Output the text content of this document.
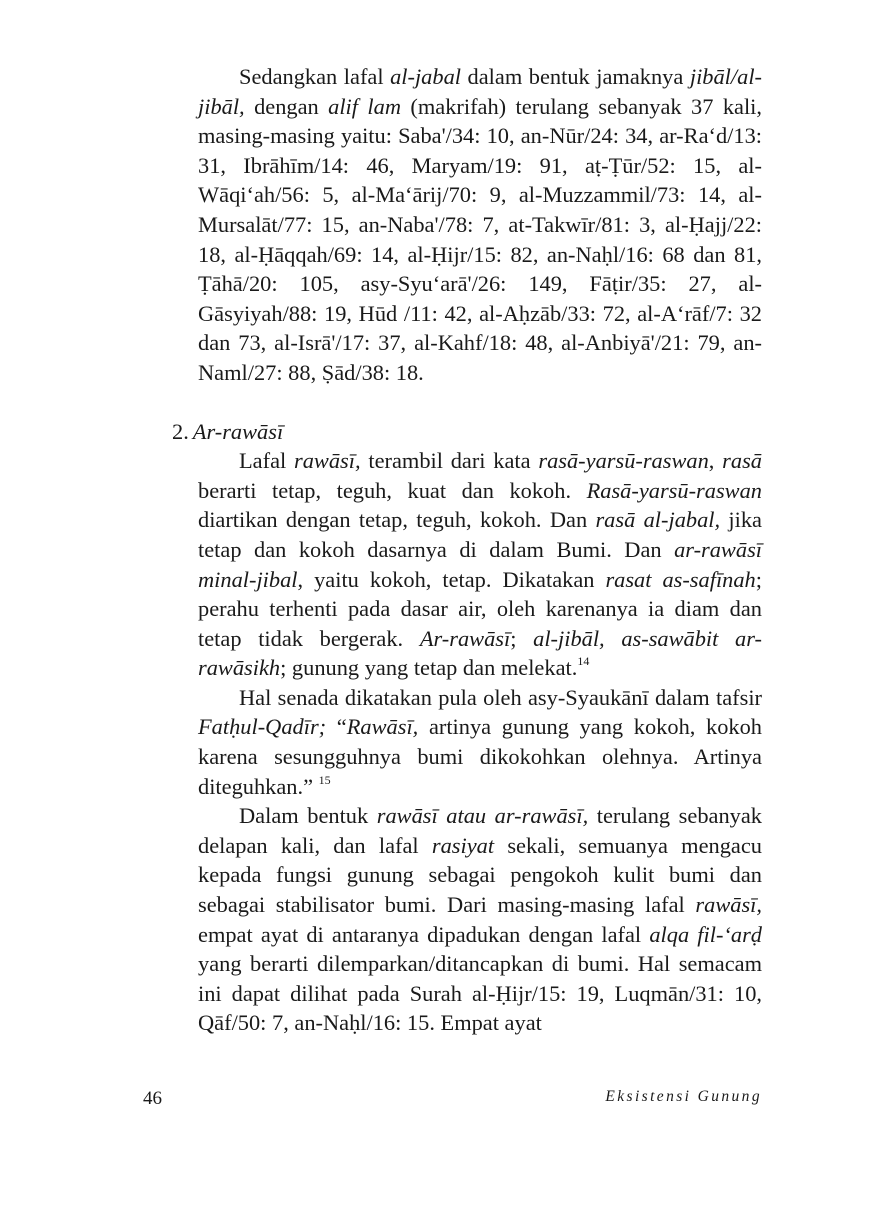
Sedangkan lafal al-jabal dalam bentuk jamaknya jibāl/al-jibāl, dengan alif lam (makrifah) terulang sebanyak 37 kali, masing-masing yaitu: Saba'/34: 10, an-Nūr/24: 34, ar-Ra‘d/13: 31, Ibrāhīm/14: 46, Maryam/19: 91, aṭ-Ṭūr/52: 15, al-Wāqi‘ah/56: 5, al-Ma‘ārij/70: 9, al-Muzzammil/73: 14, al-Mursalāt/77: 15, an-Naba'/78: 7, at-Takwīr/81: 3, al-Ḥajj/22: 18, al-Ḥāqqah/69: 14, al-Ḥijr/15: 82, an-Naḥl/16: 68 dan 81, Ṭāhā/20: 105, asy-Syu‘arā'/26: 149, Fāṭir/35: 27, al-Gāsyiyah/88: 19, Hūd /11: 42, al-Aḥzāb/33: 72, al-A‘rāf/7: 32 dan 73, al-Isrā'/17: 37, al-Kahf/18: 48, al-Anbiyā'/21: 79, an-Naml/27: 88, Ṣād/38: 18.

2. Ar-rawāsī

Lafal rawāsī, terambil dari kata rasā-yarsū-raswan, rasā berarti tetap, teguh, kuat dan kokoh. Rasā-yarsū-raswan diartikan dengan tetap, teguh, kokoh. Dan rasā al-jabal, jika tetap dan kokoh dasarnya di dalam Bumi. Dan ar-rawāsī minal-jibal, yaitu kokoh, tetap. Dikatakan rasat as-safīnah; perahu terhenti pada dasar air, oleh karenanya ia diam dan tetap tidak bergerak. Ar-rawāsī; al-jibāl, as-sawābit ar-rawāsikh; gunung yang tetap dan melekat.$^{14}$

Hal senada dikatakan pula oleh asy-Syaukānī dalam tafsir Fatḥul-Qadīr; “Rawāsī, artinya gunung yang kokoh, kokoh karena sesungguhnya bumi dikokohkan olehnya. Artinya diteguhkan.” $^{15}$

Dalam bentuk rawāsī atau ar-rawāsī, terulang sebanyak delapan kali, dan lafal rasiyat sekali, semuanya mengacu kepada fungsi gunung sebagai pengokoh kulit bumi dan sebagai stabilisator bumi. Dari masing-masing lafal rawāsī, empat ayat di antaranya dipadukan dengan lafal alqa fil-‘arḍ yang berarti dilemparkan/ditancapkan di bumi. Hal semacam ini dapat dilihat pada Surah al-Ḥijr/15: 19, Luqmān/31: 10, Qāf/50: 7, an-Naḥl/16: 15. Empat ayat

46	Eksistensi Gunung
